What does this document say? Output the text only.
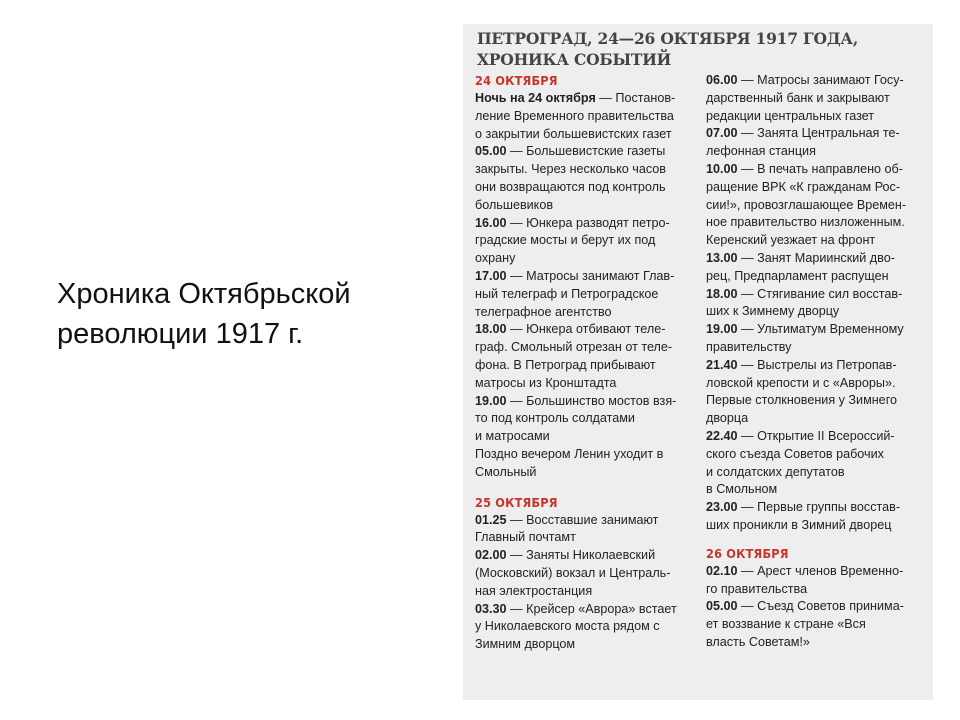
Хроника Октябрьской
революции 1917 г.
ПЕТРОГРАД, 24—26 ОКТЯБРЯ 1917 ГОДА,
ХРОНИКА СОБЫТИЙ

24 ОКТЯБРЯ

Ночь на 24 октября — Постанов-

ление Временного правительства

о закрытии большевистских газет

05.00 — Большевистские газеты

закрыты. Через несколько часов

они возвращаются под контроль

большевиков

16.00 — Юнкера разводят петро-

градские мосты и берут их под

охрану

17.00 — Матросы занимают Глав-

ный телеграф и Петроградское

телеграфное агентство

18.00 — Юнкера отбивают теле-

граф. Смольный отрезан от теле-

фона. В Петроград прибывают

матросы из Кронштадта

19.00 — Большинство мостов взя-

то под контроль солдатами

и матросами

Поздно вечером Ленин уходит в

Смольный

25 ОКТЯБРЯ

01.25 — Восставшие занимают

Главный почтамт

02.00 — Заняты Николаевский

(Московский) вокзал и Централь-

ная электростанция

03.30 — Крейсер «Аврора» встает

у Николаевского моста рядом с

Зимним дворцом

06.00 — Матросы занимают Госу-

дарственный банк и закрывают

редакции центральных газет

07.00 — Занята Центральная те-

лефонная станция

10.00 — В печать направлено об-

ращение ВРК «К гражданам Рос-

сии!», провозглашающее Времен-

ное правительство низложенным.

Керенский уезжает на фронт

13.00 — Занят Мариинский дво-

рец, Предпарламент распущен

18.00 — Стягивание сил восстав-

ших к Зимнему дворцу

19.00 — Ультиматум Временному

правительству

21.40 — Выстрелы из Петропав-

ловской крепости и с «Авроры».

Первые столкновения у Зимнего

дворца

22.40 — Открытие II Всероссий-

ского съезда Советов рабочих

и солдатских депутатов

в Смольном

23.00 — Первые группы восстав-

ших проникли в Зимний дворец

26 ОКТЯБРЯ

02.10 — Арест членов Временно-

го правительства

05.00 — Съезд Советов принима-

ет воззвание к стране «Вся

власть Советам!»
